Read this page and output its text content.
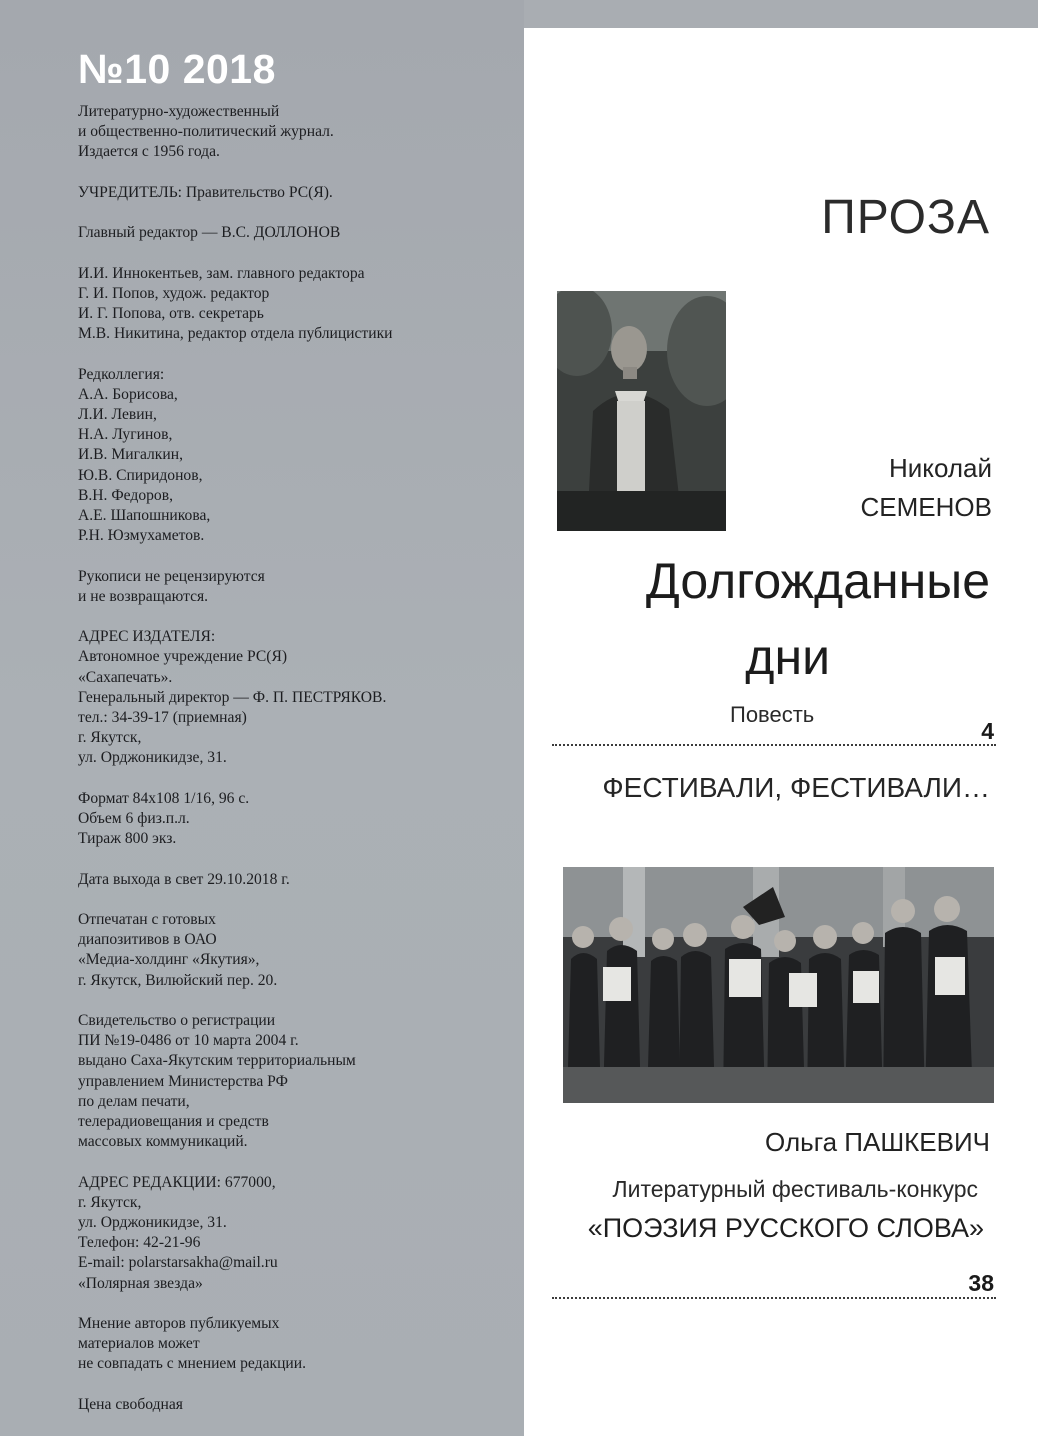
№10 2018
Литературно-художественный
и общественно-политический журнал.
Издается с 1956 года.
УЧРЕДИТЕЛЬ: Правительство РС(Я).
Главный редактор — В.С. ДОЛЛОНОВ
И.И. Иннокентьев, зам. главного редактора
Г. И. Попов, худож. редактор
И. Г. Попова, отв. секретарь
М.В. Никитина, редактор отдела публицистики
Редколлегия:
А.А. Борисова,
Л.И. Левин,
Н.А. Лугинов,
И.В. Мигалкин,
Ю.В. Спиридонов,
В.Н. Федоров,
А.Е. Шапошникова,
Р.Н. Юзмухаметов.
Рукописи не рецензируются
и не возвращаются.
АДРЕС ИЗДАТЕЛЯ:
Автономное учреждение РС(Я)
«Сахапечать».
Генеральный директор — Ф. П. ПЕСТРЯКОВ.
тел.: 34-39-17 (приемная)
г. Якутск,
ул. Орджоникидзе, 31.
Формат 84x108 1/16, 96 с.
Объем 6 физ.п.л.
Тираж 800 экз.
Дата выхода в свет 29.10.2018 г.
Отпечатан с готовых
диапозитивов в ОАО
«Медиа-холдинг «Якутия»,
г. Якутск, Вилюйский пер. 20.
Свидетельство о регистрации
ПИ №19-0486 от 10 марта 2004 г.
выдано Саха-Якутским территориальным
управлением Министерства РФ
по делам печати,
телерадиовещания и средств
массовых коммуникаций.
АДРЕС РЕДАКЦИИ: 677000,
г. Якутск,
ул. Орджоникидзе, 31.
Телефон: 42-21-96
E-mail: polarstarsakha@mail.ru
«Полярная звезда»
Мнение авторов публикуемых
материалов может
не совпадать с мнением редакции.
Цена свободная
ПРОЗА
Николай
СЕМЕНОВ
Долгожданные
дни
Повесть
4
ФЕСТИВАЛИ, ФЕСТИВАЛИ…
Ольга ПАШКЕВИЧ
Литературный фестиваль-конкурс
«ПОЭЗИЯ РУССКОГО СЛОВА»
38
